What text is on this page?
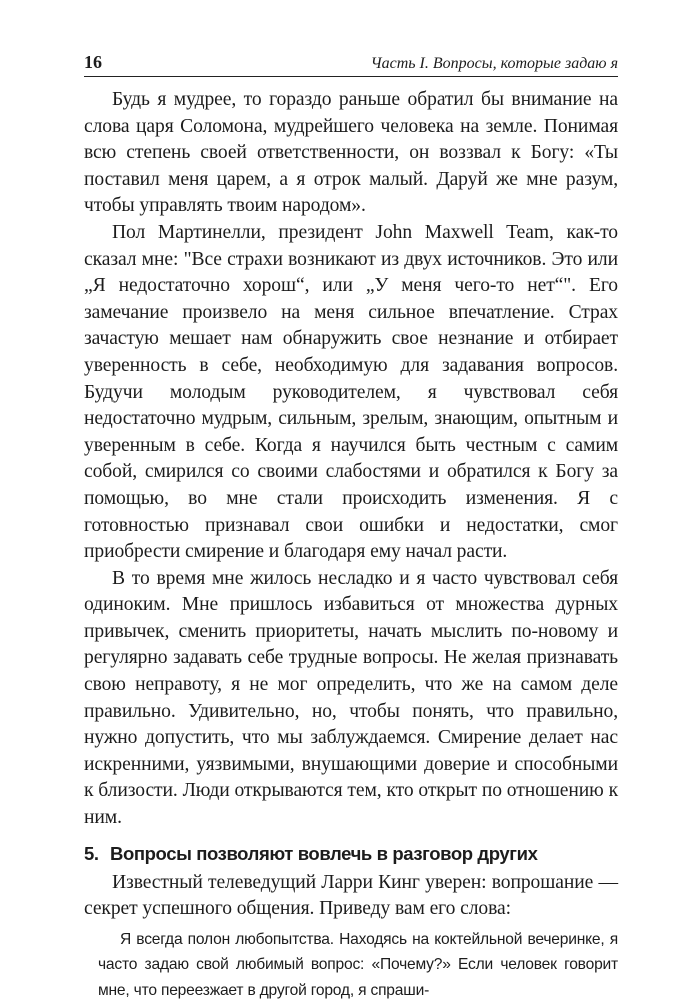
16	Часть I. Вопросы, которые задаю я

Будь я мудрее, то гораздо раньше обратил бы внимание на слова царя Соломона, мудрейшего человека на земле. Понимая всю степень своей ответственности, он воззвал к Богу: «Ты поставил меня царем, а я отрок малый. Даруй же мне разум, чтобы управлять твоим народом».

Пол Мартинелли, президент John Maxwell Team, как-то сказал мне: "Все страхи возникают из двух источников. Это или „Я недостаточно хорош“, или „У меня чего-то нет“". Его замечание произвело на меня сильное впечатление. Страх зачастую мешает нам обнаружить свое незнание и отбирает уверенность в себе, необходимую для задавания вопросов. Будучи молодым руководителем, я чувствовал себя недостаточно мудрым, сильным, зрелым, знающим, опытным и уверенным в себе. Когда я научился быть честным с самим собой, смирился со своими слабостями и обратился к Богу за помощью, во мне стали происходить изменения. Я с готовностью признавал свои ошибки и недостатки, смог приобрести смирение и благодаря ему начал расти.

В то время мне жилось несладко и я часто чувствовал себя одиноким. Мне пришлось избавиться от множества дурных привычек, сменить приоритеты, начать мыслить по-новому и регулярно задавать себе трудные вопросы. Не желая признавать свою неправоту, я не мог определить, что же на самом деле правильно. Удивительно, но, чтобы понять, что правильно, нужно допустить, что мы заблуждаемся. Смирение делает нас искренними, уязвимыми, внушающими доверие и способными к близости. Люди открываются тем, кто открыт по отношению к ним.

5. Вопросы позволяют вовлечь в разговор других

Известный телеведущий Ларри Кинг уверен: вопрошание — секрет успешного общения. Приведу вам его слова:

Я всегда полон любопытства. Находясь на коктейльной вечеринке, я часто задаю свой любимый вопрос: «Почему?» Если человек говорит мне, что переезжает в другой город, я спраши-
